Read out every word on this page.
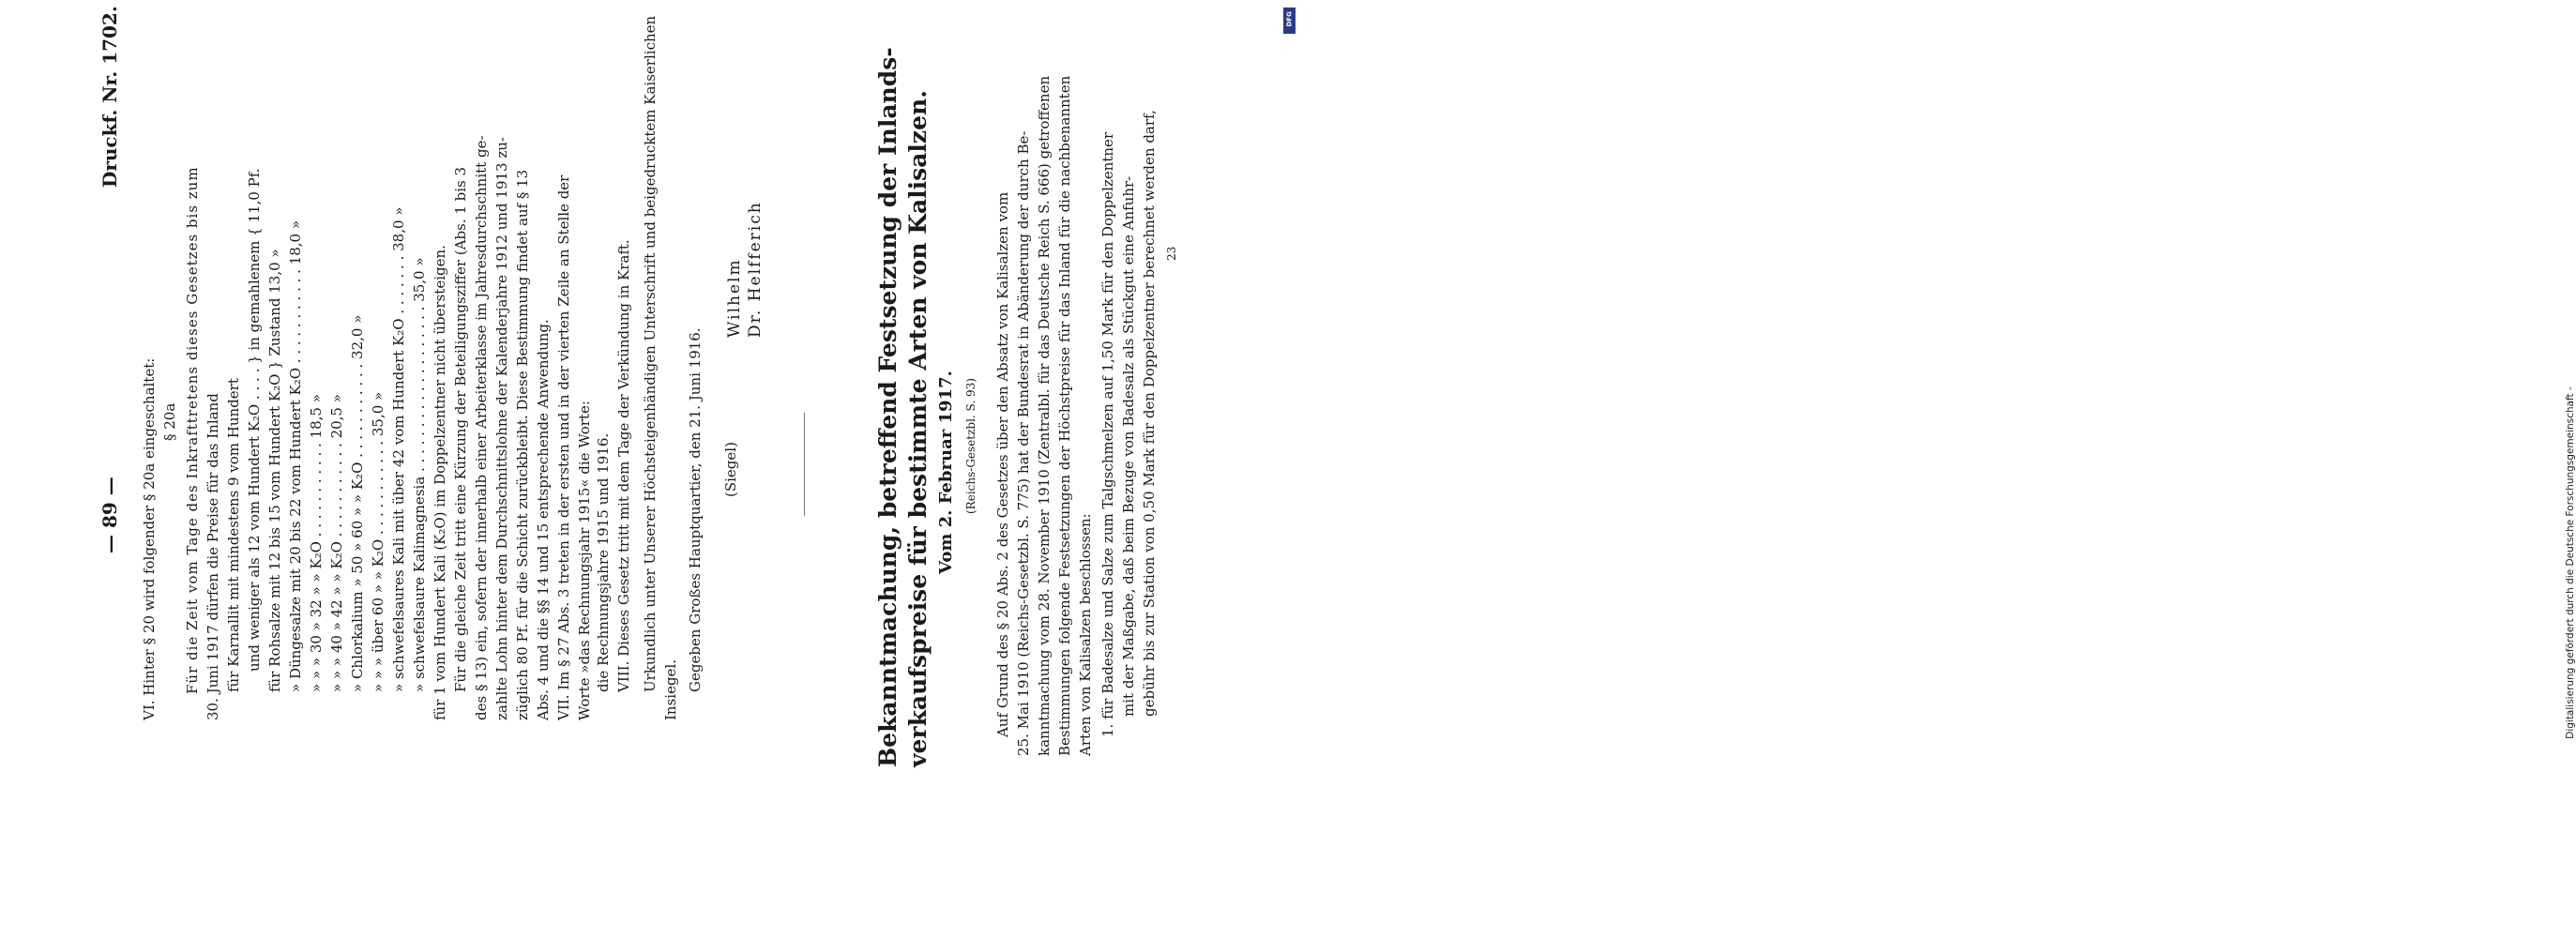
— 89 —
Druckf. Nr. 1702.
VI. Hinter § 20 wird folgender § 20a eingeschaltet: § 20a Für die Zeit vom Tage des Inkrafttretens dieses Gesetzes bis zum 30. Juni 1917 dürfen die Preise für das Inland für Karnallit mit mindestens 9 vom Hundert und weniger als 12 vom Hundert K₂O . . . . } in gemahlenem { 11,0 Pf. für Rohsalze mit 12 bis 15 vom Hundert K₂O } Zustand 13,0 » » Düngesalze mit 20 bis 22 vom Hundert K₂O . . . . . . . . . . . 18,0 » » » » 30 » 32 » » K₂O . . . . . . . . . . . 18,5 » » » » 40 » 42 » » K₂O . . . . . . . . . . . 20,5 » » Chlorkalium » 50 » 60 » » K₂O . . . . . . . . . . . 32,0 » » » » über 60 » » K₂O . . . . . . . . . . . 35,0 » » schwefelsaures Kali mit über 42 vom Hundert K₂O . . . . . . . 38,0 » » schwefelsaure Kalimagnesia . . . . . . . . . . . . . . . . . . . 35,0 » für 1 vom Hundert Kali (K₂O) im Doppelzentner nicht übersteigen. Für die gleiche Zeit tritt eine Kürzung der Beteiligungsziffer (Abs. 1 bis 3 des § 13) ein, sofern der innerhalb einer Arbeiterklasse im Jahresdurchschnitt ge- zahlte Lohn hinter dem Durchschnittslohne der Kalenderjahre 1912 und 1913 zu- züglich 80 Pf. für die Schicht zurückbleibt. Diese Bestimmung findet auf § 13 Abs. 4 und die §§ 14 und 15 entsprechende Anwendung. VII. Im § 27 Abs. 3 treten in der ersten und in der vierten Zeile an Stelle der Worte »das Rechnungsjahr 1915« die Worte: die Rechnungsjahre 1915 und 1916. VIII. Dieses Gesetz tritt mit dem Tage der Verkündung in Kraft. Urkundlich unter Unserer Höchsteigenhändigen Unterschrift und beigedrucktem Kaiserlichen Insiegel. Gegeben Großes Hauptquartier, den 21. Juni 1916. (Siegel)
Wilhelm Dr. Helfferich	Bekanntmachung, betreffend Festsetzung der Inlands- verkaufspreise für bestimmte Arten von Kalisalzen. Vom 2. Februar 1917. (Reichs-Gesetzbl. S. 93) Auf Grund des § 20 Abs. 2 des Gesetzes über den Absatz von Kalisalzen vom 25. Mai 1910 (Reichs-Gesetzbl. S. 775) hat der Bundesrat in Abänderung der durch Be- kanntmachung vom 28. November 1910 (Zentralbl. für das Deutsche Reich S. 666) getroffenen Bestimmungen folgende Festsetzungen der Höchstpreise für das Inland für die nachbenannten Arten von Kalisalzen beschlossen: 1. für Badesalze und Salze zum Talgschmelzen auf 1,50 Mark für den Doppelzentner mit der Maßgabe, daß beim Bezuge von Badesalz als Stückgut eine Anfuhr- gebühr bis zur Station von 0,50 Mark für den Doppelzentner berechnet werden darf, 23
Digitalisierung gefördert durch die Deutsche Forschungsgemeinschaft -
DFG
